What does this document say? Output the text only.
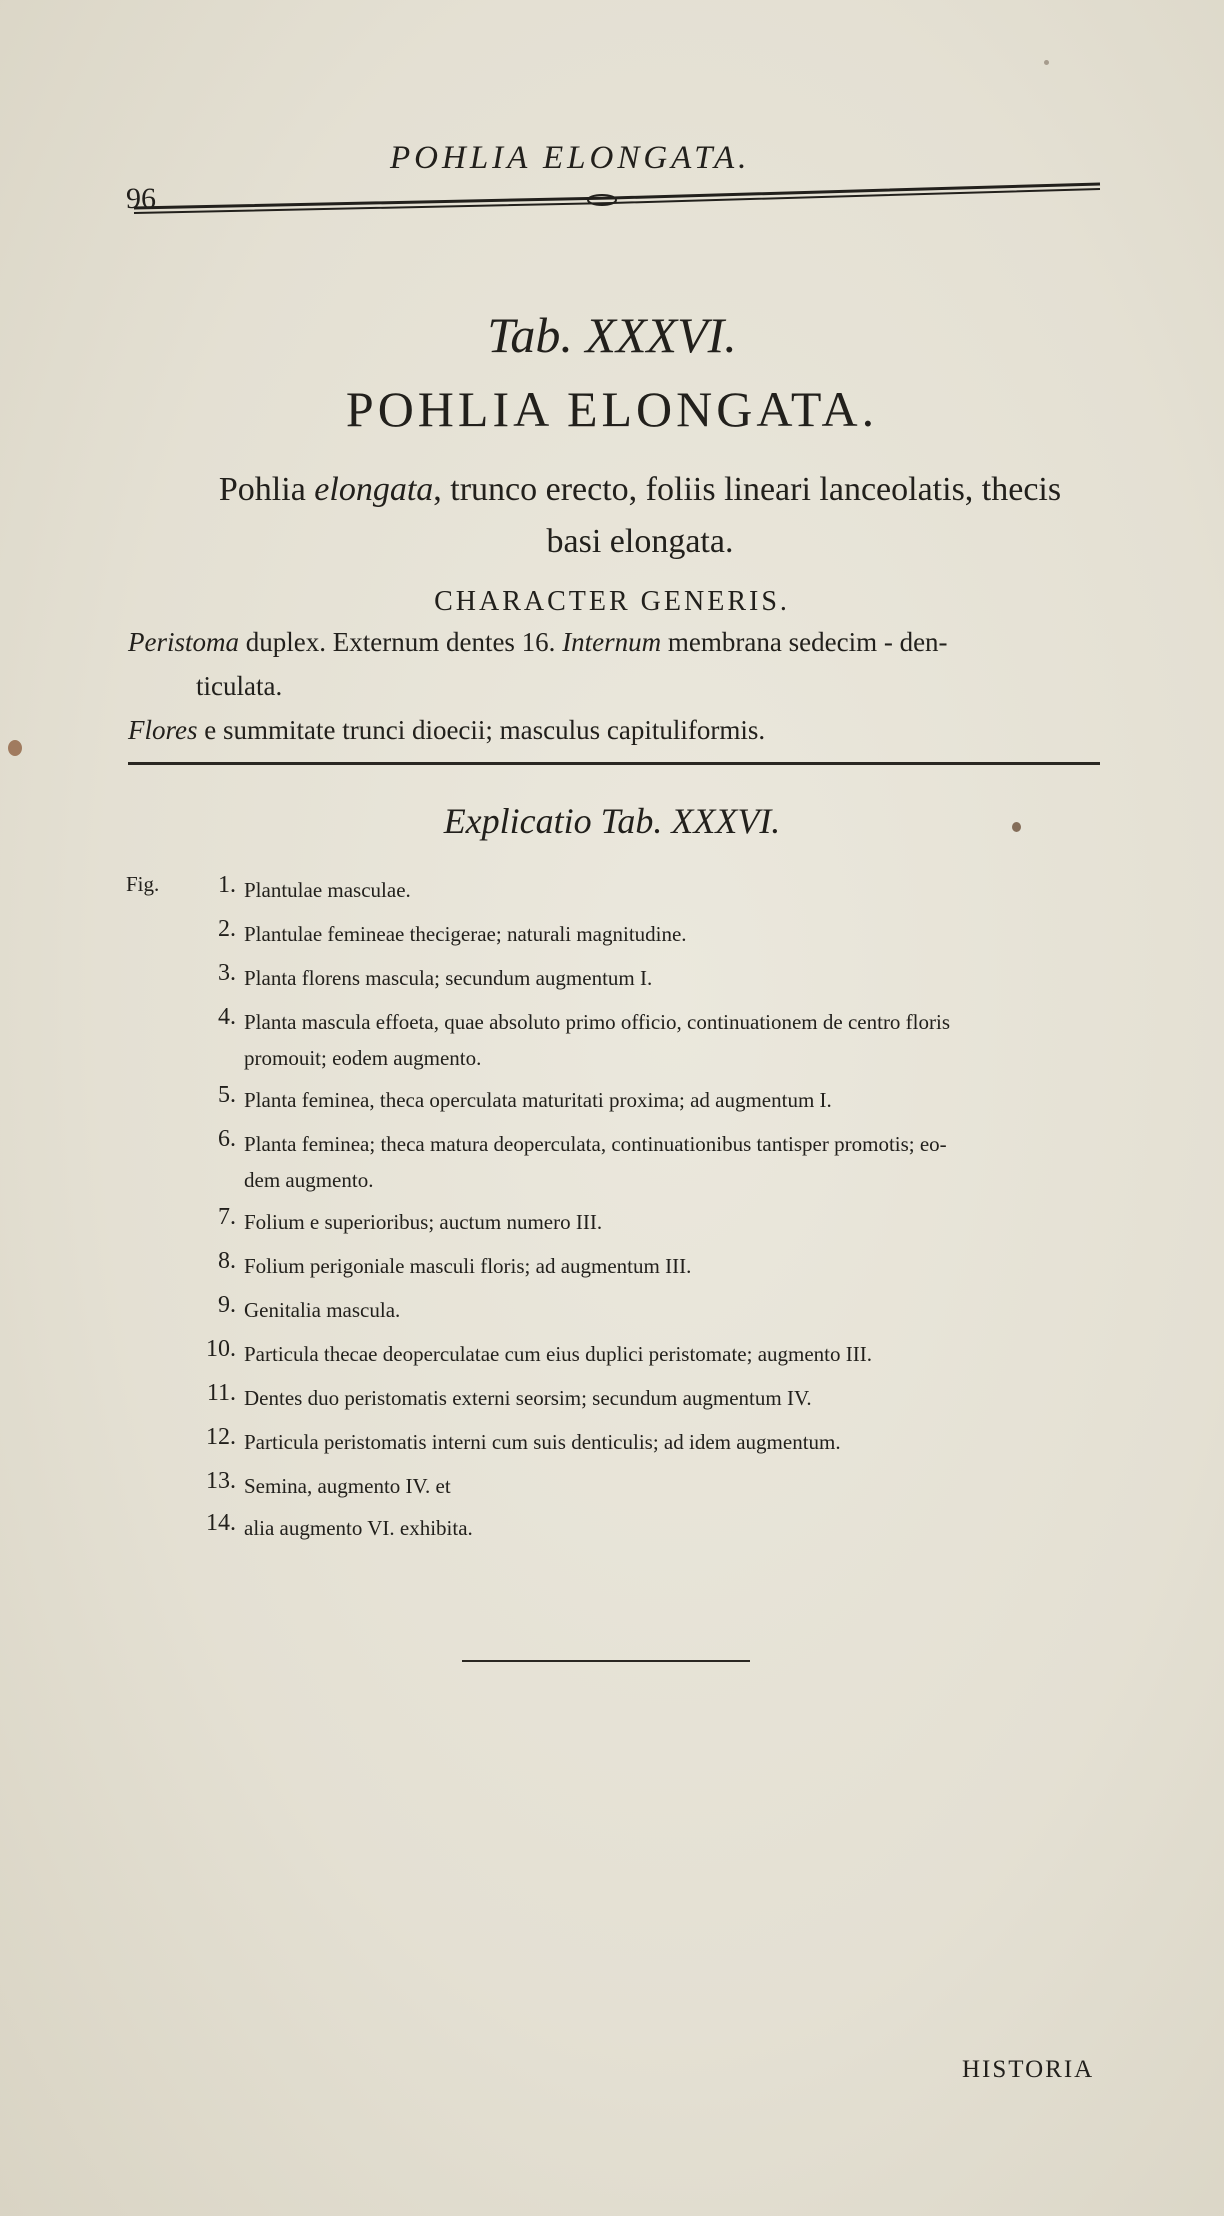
POHLIA ELONGATA.
96
Tab. XXXVI.
POHLIA ELONGATA.
Pohlia elongata, trunco erecto, foliis lineari lanceolatis, thecis
basi elongata.
CHARACTER GENERIS.
Peristoma duplex. Externum dentes 16. Internum membrana sedecim - den-
ticulata.
Flores e summitate trunci dioecii; masculus capituliformis.
Explicatio Tab. XXXVI.
Fig.	1. Plantulae masculae.
2. Plantulae femineae thecigerae; naturali magnitudine.
3. Planta florens mascula; secundum augmentum I.
4. Planta mascula effoeta, quae absoluto primo officio, continuationem de centro floris
promouit; eodem augmento.
5. Planta feminea, theca operculata maturitati proxima; ad augmentum I.
6. Planta feminea; theca matura deoperculata, continuationibus tantisper promotis; eo-
dem augmento.
7. Folium e superioribus; auctum numero III.
8. Folium perigoniale masculi floris; ad augmentum III.
9. Genitalia mascula.
10. Particula thecae deoperculatae cum eius duplici peristomate; augmento III.
11. Dentes duo peristomatis externi seorsim; secundum augmentum IV.
12. Particula peristomatis interni cum suis denticulis; ad idem augmentum.
13. Semina, augmento IV. et
14. alia augmento VI. exhibita.
HISTORIA
